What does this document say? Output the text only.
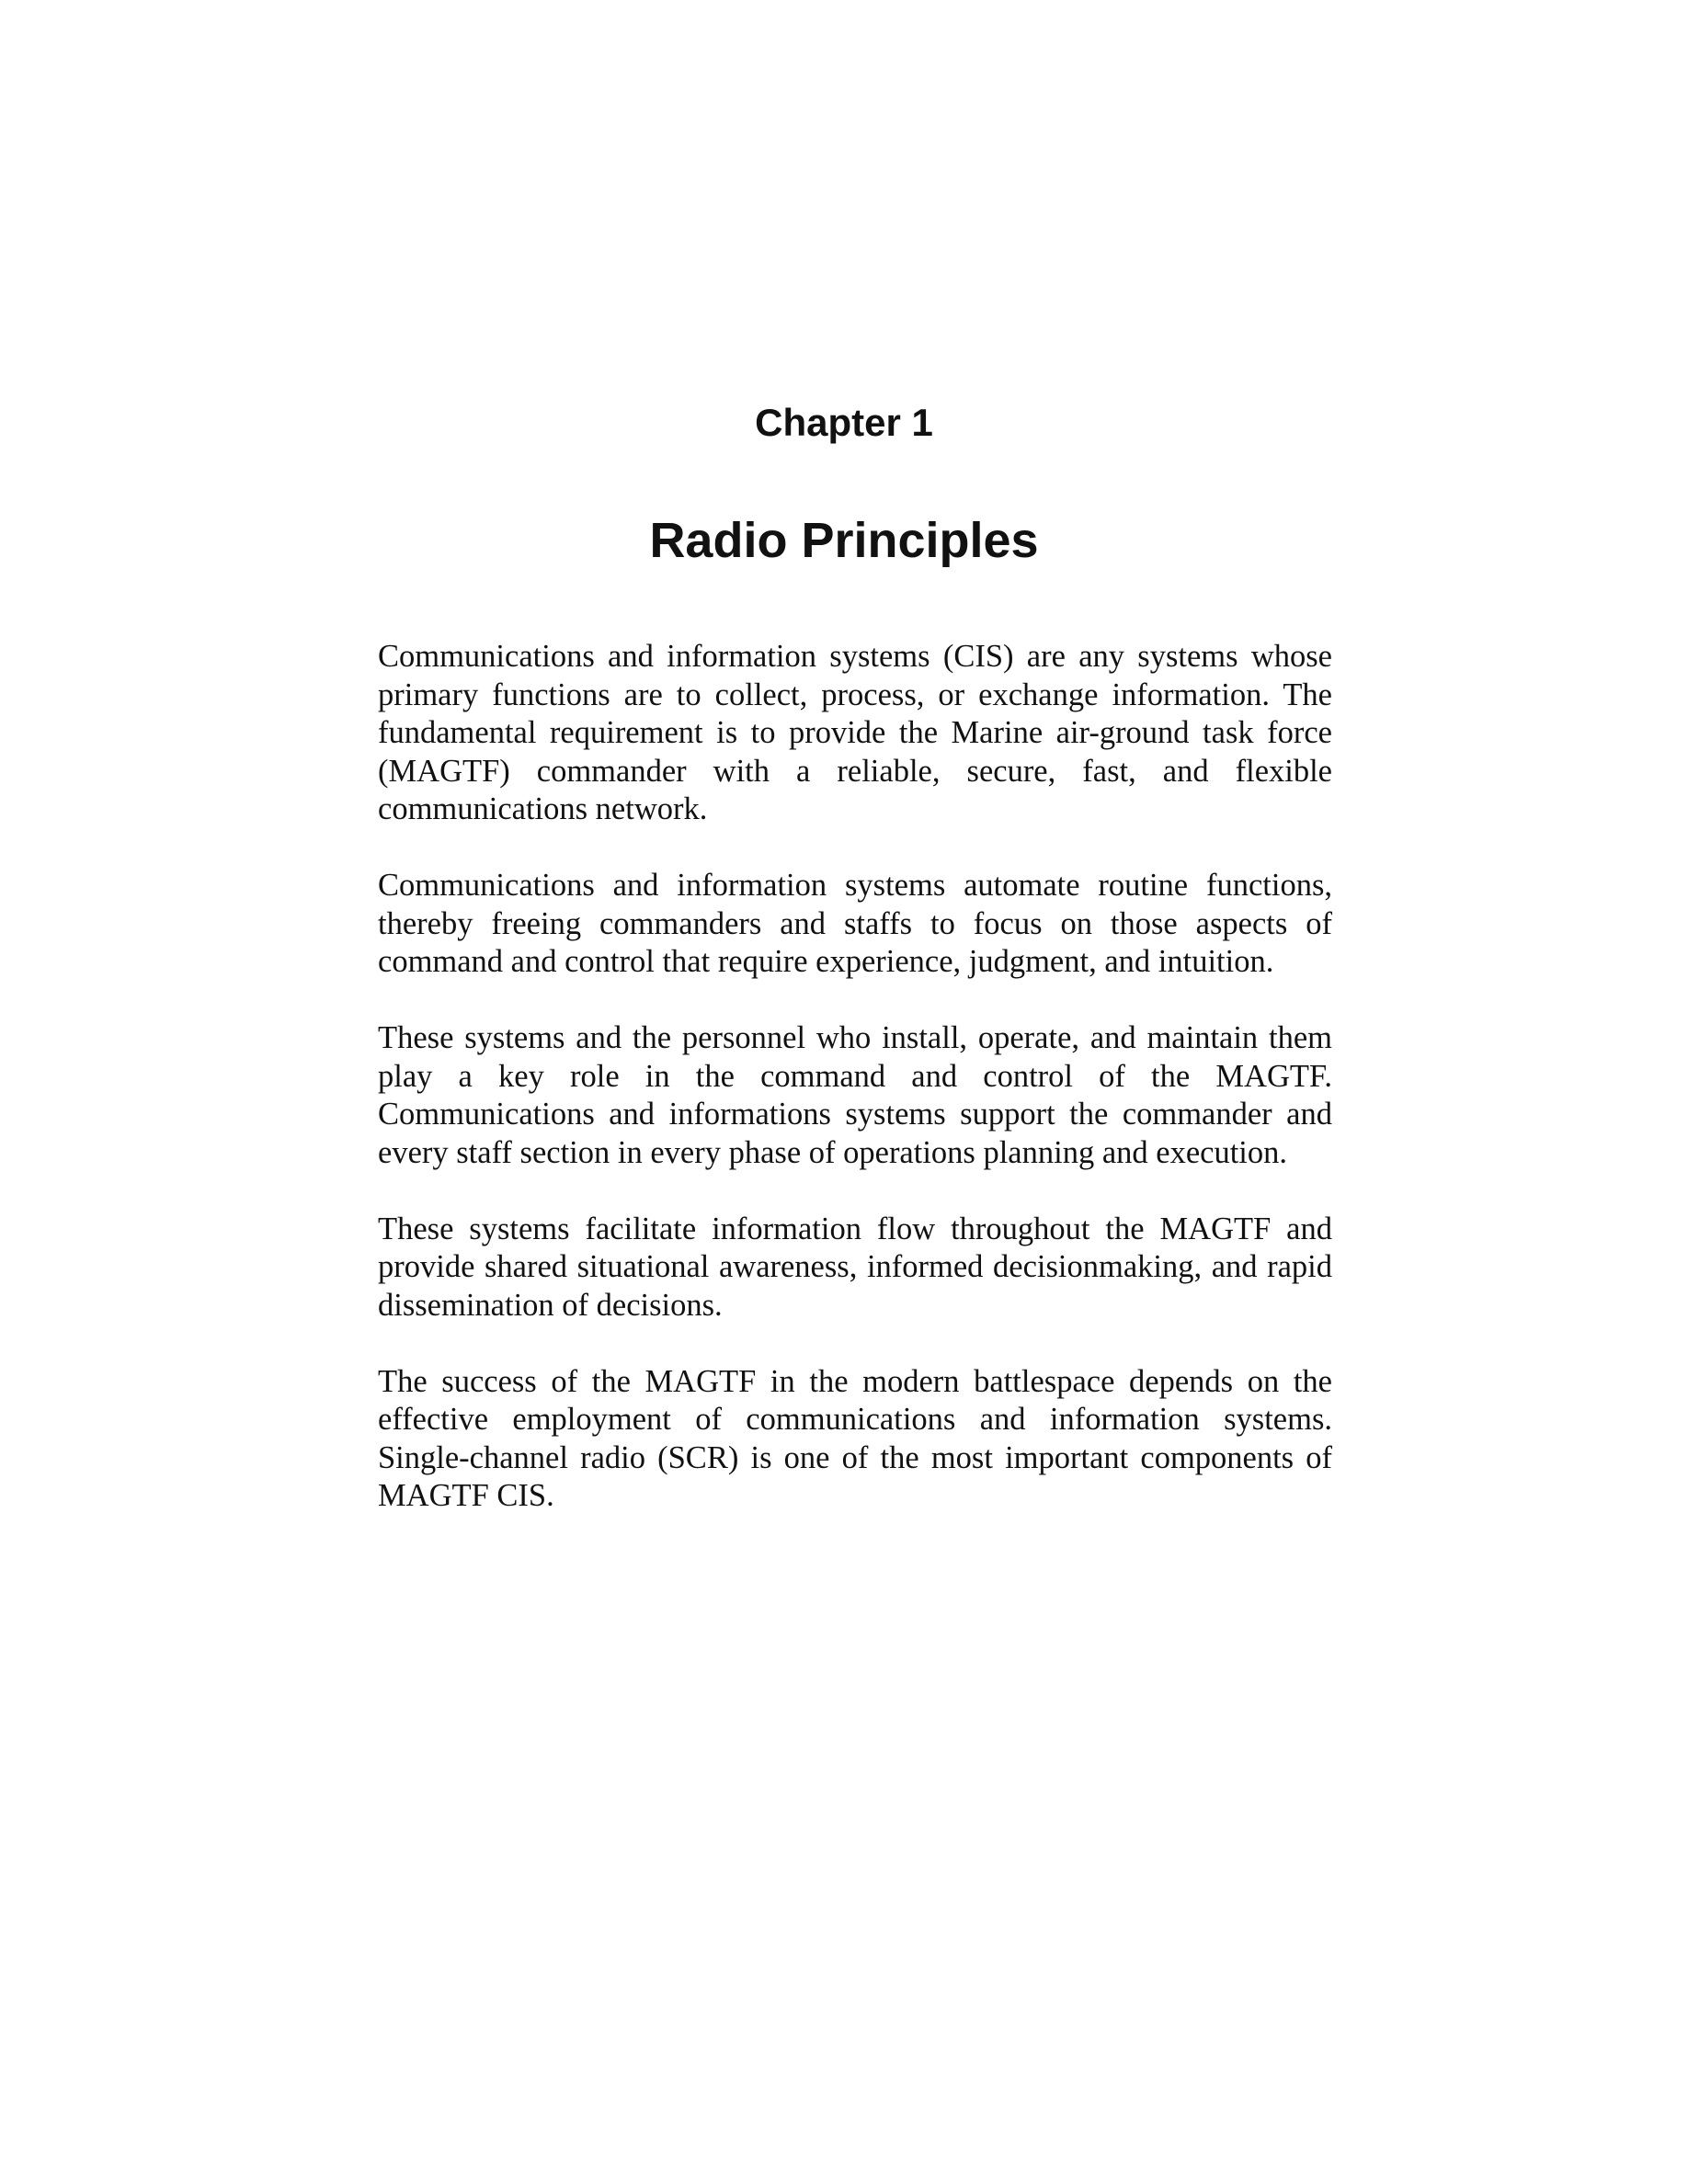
Chapter 1
Radio Principles

Communications and information systems (CIS) are any systems whose primary functions are to collect, process, or exchange information. The fundamental requirement is to provide the Marine air-ground task force (MAGTF) commander with a reliable, secure, fast, and flexible communications network.

Communications and information systems automate routine functions, thereby freeing commanders and staffs to focus on those aspects of command and control that require experience, judgment, and intuition.

These systems and the personnel who install, operate, and maintain them play a key role in the command and control of the MAGTF. Communications and informations systems support the commander and every staff section in every phase of operations planning and execution.

These systems facilitate information flow throughout the MAGTF and provide shared situational awareness, informed decisionmaking, and rapid dissemination of decisions.

The success of the MAGTF in the modern battlespace depends on the effective employment of communications and information systems. Single-channel radio (SCR) is one of the most important components of MAGTF CIS.
